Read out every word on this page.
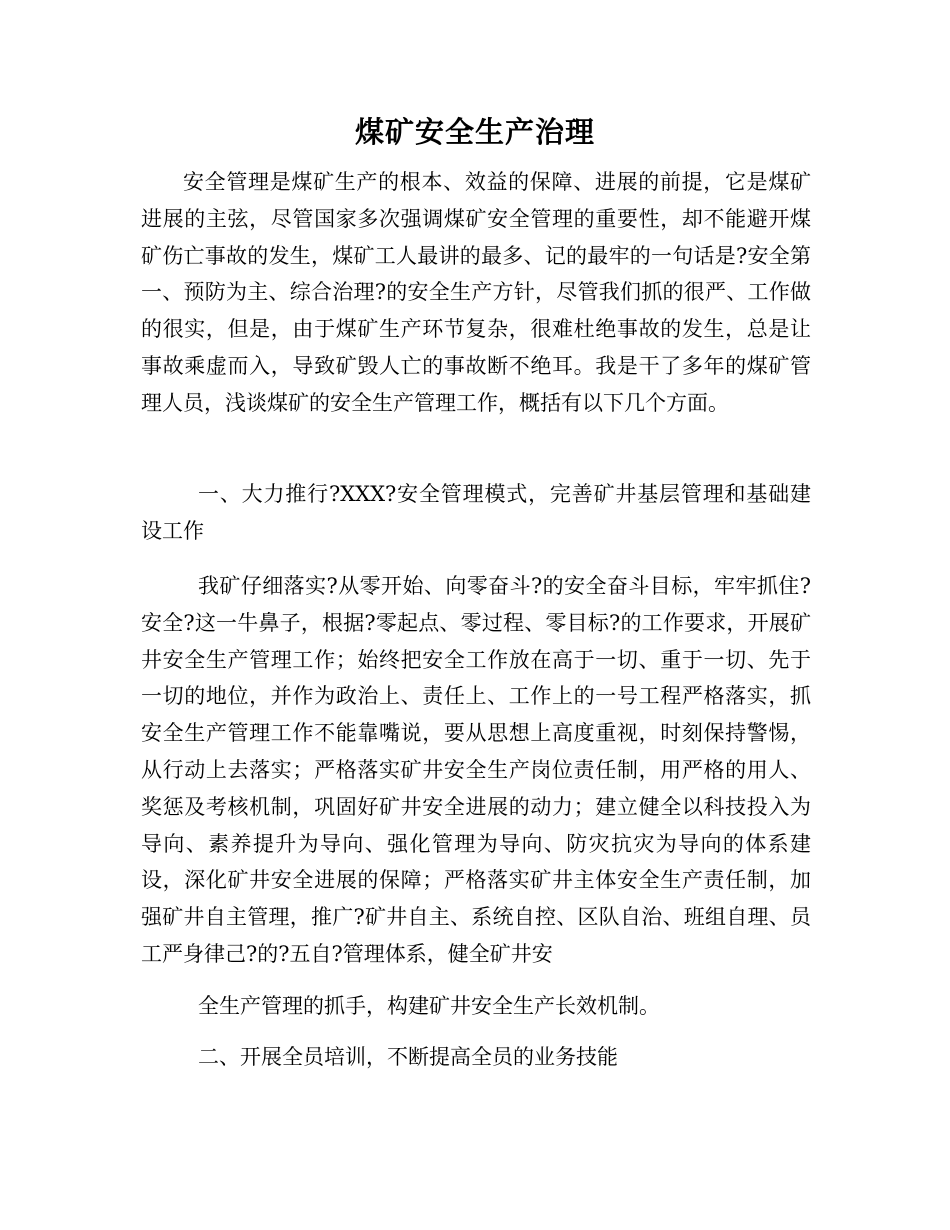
煤矿安全生产治理

安全管理是煤矿生产的根本、效益的保障、进展的前提，它是煤矿进展的主弦，尽管国家多次强调煤矿安全管理的重要性，却不能避开煤矿伤亡事故的发生，煤矿工人最讲的最多、记的最牢的一句话是?安全第一、预防为主、综合治理?的安全生产方针，尽管我们抓的很严、工作做的很实，但是，由于煤矿生产环节复杂，很难杜绝事故的发生，总是让事故乘虚而入，导致矿毁人亡的事故断不绝耳。我是干了多年的煤矿管理人员，浅谈煤矿的安全生产管理工作，概括有以下几个方面。

一、大力推行?XXX?安全管理模式，完善矿井基层管理和基础建设工作

我矿仔细落实?从零开始、向零奋斗?的安全奋斗目标，牢牢抓住?安全?这一牛鼻子，根据?零起点、零过程、零目标?的工作要求，开展矿井安全生产管理工作；始终把安全工作放在高于一切、重于一切、先于一切的地位，并作为政治上、责任上、工作上的一号工程严格落实，抓安全生产管理工作不能靠嘴说，要从思想上高度重视，时刻保持警惕，从行动上去落实；严格落实矿井安全生产岗位责任制，用严格的用人、奖惩及考核机制，巩固好矿井安全进展的动力；建立健全以科技投入为导向、素养提升为导向、强化管理为导向、防灾抗灾为导向的体系建设，深化矿井安全进展的保障；严格落实矿井主体安全生产责任制，加强矿井自主管理，推广?矿井自主、系统自控、区队自治、班组自理、员工严身律己?的?五自?管理体系，健全矿井安

全生产管理的抓手，构建矿井安全生产长效机制。

二、开展全员培训，不断提高全员的业务技能
